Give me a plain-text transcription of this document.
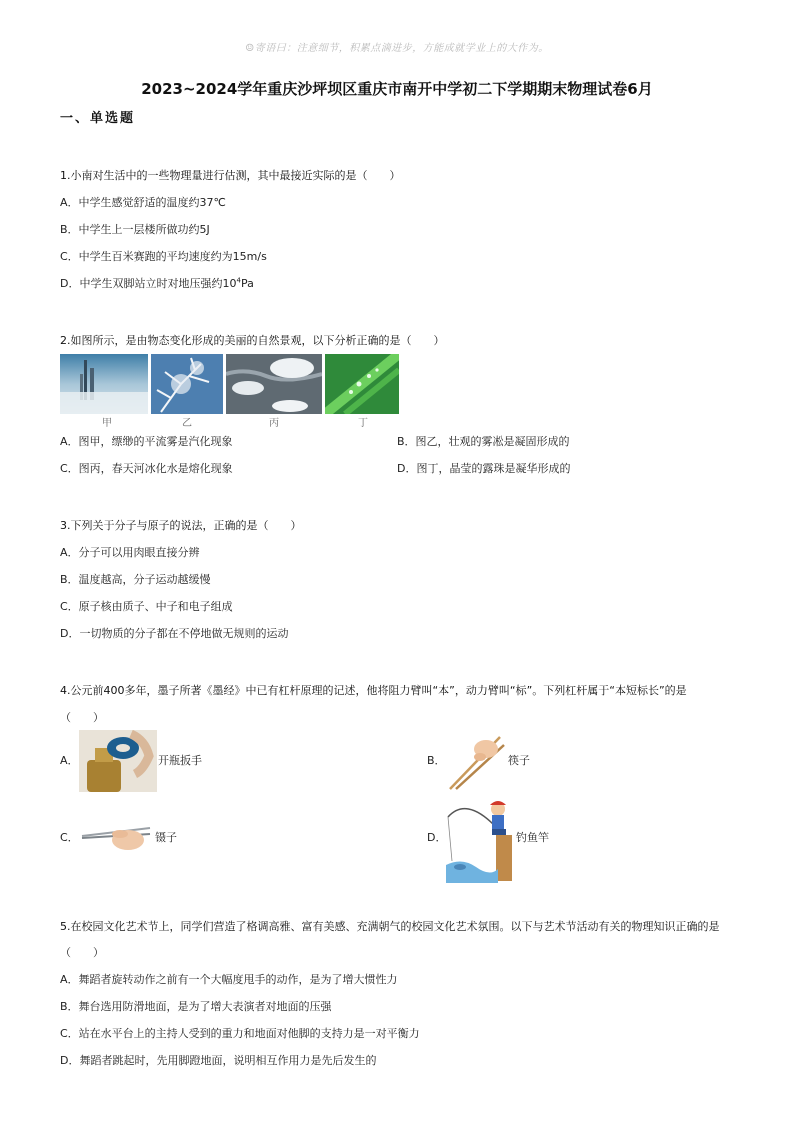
☺寄语曰：注意细节，积累点滴进步，方能成就学业上的大作为。
2023~2024学年重庆沙坪坝区重庆市南开中学初二下学期期末物理试卷6月
一、单选题
1.小南对生活中的一些物理量进行估测，其中最接近实际的是（　　）
A．中学生感觉舒适的温度约37℃
B．中学生上一层楼所做功约5J
C．中学生百米赛跑的平均速度约为15m/s
D．中学生双脚站立时对地压强约$10^4Pa$
2.如图所示，是由物态变化形成的美丽的自然景观，以下分析正确的是（　　）
甲	乙	丙	丁
A．图甲，缥缈的平流雾是汽化现象	B．图乙，壮观的雾凇是凝固形成的
C．图丙，春天河冰化水是熔化现象	D．图丁，晶莹的露珠是凝华形成的
3.下列关于分子与原子的说法，正确的是（　　）
A．分子可以用肉眼直接分辨
B．温度越高，分子运动越缓慢
C．原子核由质子、中子和电子组成
D．一切物质的分子都在不停地做无规则的运动
4.公元前400多年，墨子所著《墨经》中已有杠杆原理的记述，他将阻力臂叫“本”，动力臂叫“标”。下列杠杆属于“本短标长”的是
（　　）
A．	开瓶扳手	B．	筷子
C．	镊子	D．	钓鱼竿
5.在校园文化艺术节上，同学们营造了格调高雅、富有美感、充满朝气的校园文化艺术氛围。以下与艺术节活动有关的物理知识正确的是
（　　）
A．舞蹈者旋转动作之前有一个大幅度甩手的动作，是为了增大惯性力
B．舞台选用防滑地面，是为了增大表演者对地面的压强
C．站在水平台上的主持人受到的重力和地面对他脚的支持力是一对平衡力
D．舞蹈者跳起时，先用脚蹬地面，说明相互作用力是先后发生的
